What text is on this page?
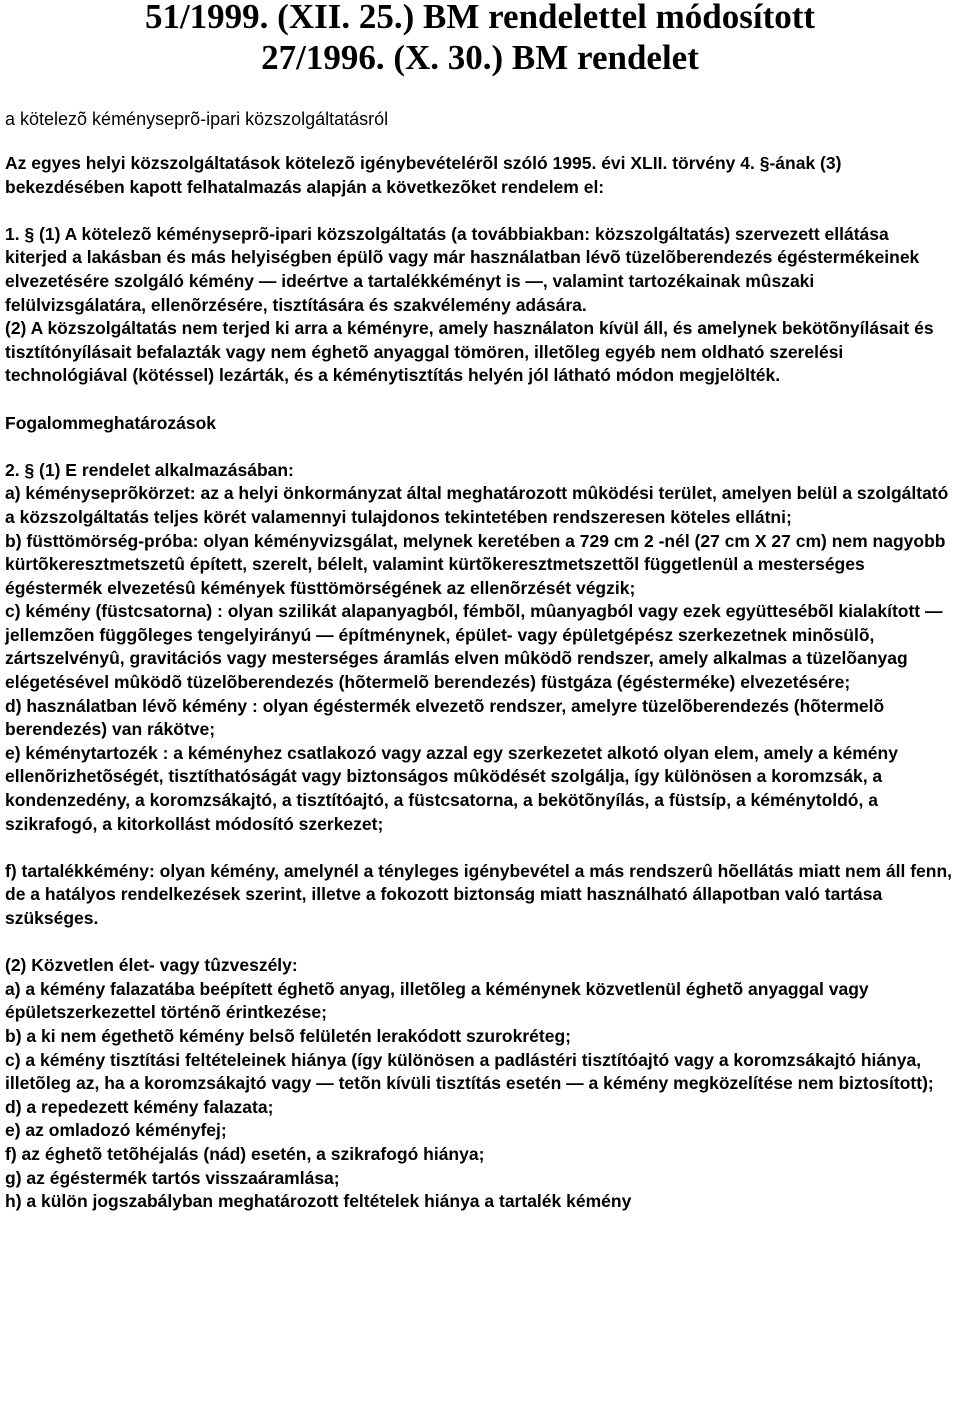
51/1999. (XII. 25.) BM rendelettel módosított
27/1996. (X. 30.) BM rendelet

a kötelezõ kéményseprõ-ipari közszolgáltatásról

Az egyes helyi közszolgáltatások kötelezõ igénybevételérõl szóló 1995. évi XLII. törvény 4. §-ának (3) bekezdésében kapott felhatalmazás alapján a következõket rendelem el:

1. § (1) A kötelezõ kéményseprõ-ipari közszolgáltatás (a továbbiakban: közszolgáltatás) szervezett ellátása kiterjed a lakásban és más helyiségben épülõ vagy már használatban lévõ tüzelõberendezés égéstermékeinek elvezetésére szolgáló kémény — ideértve a tartalékkéményt is —, valamint tartozékainak mûszaki felülvizsgálatára, ellenõrzésére, tisztítására és szakvélemény adására.

(2) A közszolgáltatás nem terjed ki arra a kéményre, amely használaton kívül áll, és amelynek bekötõnyílásait és tisztítónyílásait befalazták vagy nem éghetõ anyaggal tömören, illetõleg egyéb nem oldható szerelési technológiával (kötéssel) lezárták, és a kéménytisztítás helyén jól látható módon megjelölték.

Fogalommeghatározások

2. § (1) E rendelet alkalmazásában:

a) kéményseprõkörzet: az a helyi önkormányzat által meghatározott mûködési terület, amelyen belül a szolgáltató a közszolgáltatás teljes körét valamennyi tulajdonos tekintetében rendszeresen köteles ellátni;

b) füsttömörség-próba: olyan kéményvizsgálat, melynek keretében a 729 cm 2 -nél (27 cm X 27 cm) nem nagyobb kürtõkeresztmetszetû épített, szerelt, bélelt, valamint kürtõkeresztmetszettõl függetlenül a mesterséges égéstermék elvezetésû kémények füsttömörségének az ellenõrzését végzik;

c) kémény (füstcsatorna) : olyan szilikát alapanyagból, fémbõl, mûanyagból vagy ezek együttesébõl kialakított — jellemzõen függõleges tengelyirányú — építménynek, épület- vagy épületgépész szerkezetnek minõsülõ, zártszelvényû, gravitációs vagy mesterséges áramlás elven mûködõ rendszer, amely alkalmas a tüzelõanyag elégetésével mûködõ tüzelõberendezés (hõtermelõ berendezés) füstgáza (égésterméke) elvezetésére;

d) használatban lévõ kémény : olyan égéstermék elvezetõ rendszer, amelyre tüzelõberendezés (hõtermelõ berendezés) van rákötve;

e) kéménytartozék : a kéményhez csatlakozó vagy azzal egy szerkezetet alkotó olyan elem, amely a kémény ellenõrizhetõségét, tisztíthatóságát vagy biztonságos mûködését szolgálja, így különösen a koromzsák, a kondenzedény, a koromzsákajtó, a tisztítóajtó, a füstcsatorna, a bekötõnyílás, a füstsíp, a kéménytoldó, a szikrafogó, a kitorkollást módosító szerkezet;

f) tartalékkémény: olyan kémény, amelynél a tényleges igénybevétel a más rendszerû hõellátás miatt nem áll fenn, de a hatályos rendelkezések szerint, illetve a fokozott biztonság miatt használható állapotban való tartása szükséges.

(2) Közvetlen élet- vagy tûzveszély:

a) a kémény falazatába beépített éghetõ anyag, illetõleg a kéménynek közvetlenül éghetõ anyaggal vagy épületszerkezettel történõ érintkezése;

b) a ki nem égethetõ kémény belsõ felületén lerakódott szurokréteg;

c) a kémény tisztítási feltételeinek hiánya (így különösen a padlástéri tisztítóajtó vagy a koromzsákajtó hiánya, illetõleg az, ha a koromzsákajtó vagy — tetõn kívüli tisztítás esetén — a kémény megközelítése nem biztosított);

d) a repedezett kémény falazata;

e) az omladozó kéményfej;

f) az éghetõ tetõhéjalás (nád) esetén, a szikrafogó hiánya;

g) az égéstermék tartós visszaáramlása;

h) a külön jogszabályban meghatározott feltételek hiánya a tartalék kémény
